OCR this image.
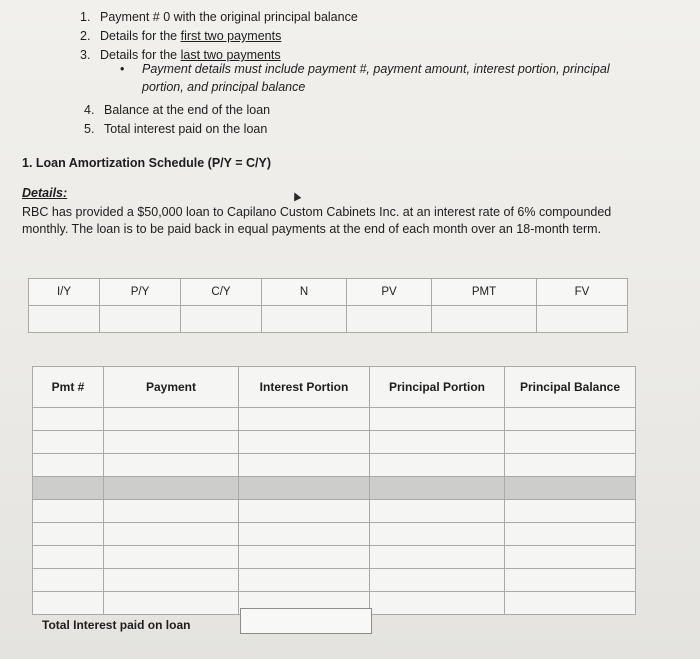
1. Payment # 0 with the original principal balance
2. Details for the first two payments
3. Details for the last two payments
• Payment details must include payment #, payment amount, interest portion, principal portion, and principal balance
4. Balance at the end of the loan
5. Total interest paid on the loan
1. Loan Amortization Schedule (P/Y = C/Y)
Details:
RBC has provided a $50,000 loan to Capilano Custom Cabinets Inc. at an interest rate of 6% compounded monthly. The loan is to be paid back in equal payments at the end of each month over an 18-month term.
I/Y	P/Y	C/Y	N	PV	PMT	FV

Pmt #	Payment	Interest Portion	Principal Portion	Principal Balance

Total Interest paid on loan
